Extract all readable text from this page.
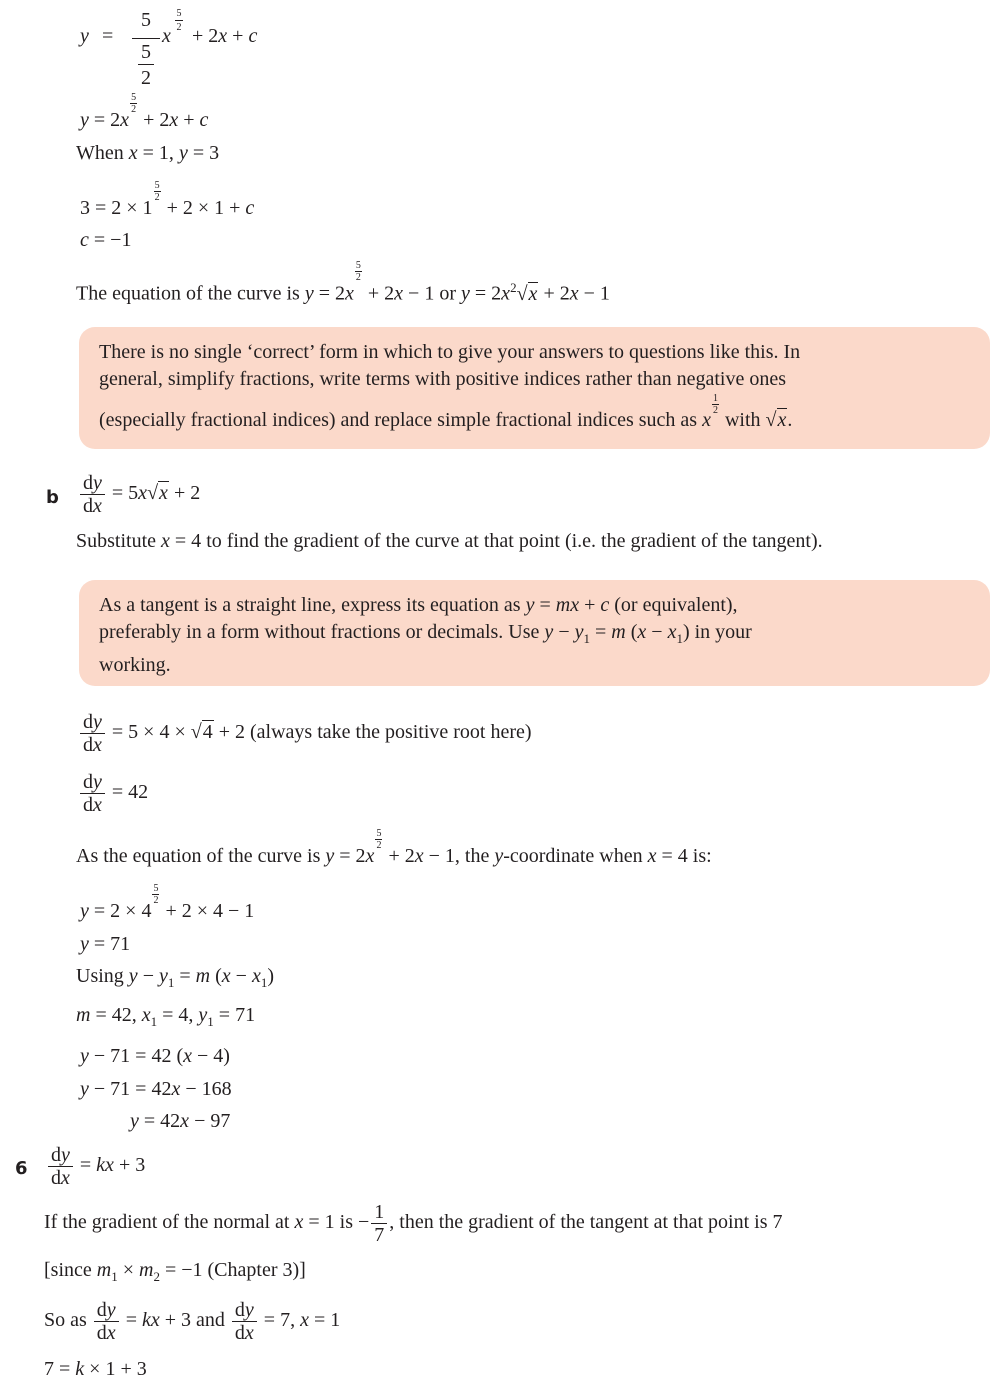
y =
5
5
2
x
5
2 + 2x + c
y = 2x
$\frac{5}{2}$
+ 2x + c
When x = 1, y = 3
3 = 2 × 1
$\frac{5}{2}$
+ 2 × 1 + c
c = −1
The equation of the curve is y = 2x
$\frac{5}{2}$
+ 2x − 1 or $y = 2x^2√x + 2x - 1$
There is no single ‘correct’ form in which to give your answers to questions like this. In
general, simplify fractions, write terms with positive indices rather than negative ones
(especially fractional indices) and replace simple fractional indices such as x
$\frac{1}{2}$
with √x.
b $\frac{dy}{dx} = 5x√x + 2$
Substitute x = 4 to find the gradient of the curve at that point (i.e. the gradient of the tangent).
As a tangent is a straight line, express its equation as y = mx + c (or equivalent),
preferably in a form without fractions or decimals. Use $y - y_1 = m$ $(x - x_1)$ in your
working.
$\frac{dy}{dx} = 5 \times 4 \times √4 + 2$ (always take the positive root here)
$\frac{dy}{dx} = 42$
As the equation of the curve is y = 2x
$\frac{5}{2}$
+ 2x − 1, the y-coordinate when x = 4 is:
y = 2 × 4
$\frac{5}{2}$
+ 2 × 4 − 1
y = 71
Using $y - y_1 = m$ $(x - x_1)$
m = 42, $x_1 = 4$, $y_1 = 71$
y − 71 = 42 (x − 4)
y − 71 = 42x − 168
y = 42x − 97
$6 \frac{dy}{dx}$ = kx + 3
If the gradient of the normal at x = 1 is − $\frac{1}{7}$ , then the gradient of the tangent at that point is 7
[since $m_1 \times m_2 = -1$ (Chapter 3)]
So as $\frac{dy}{dx}$ = kx + 3 and $\frac{dy}{dx} = 7$, x = 1
7 = k × 1 + 3
